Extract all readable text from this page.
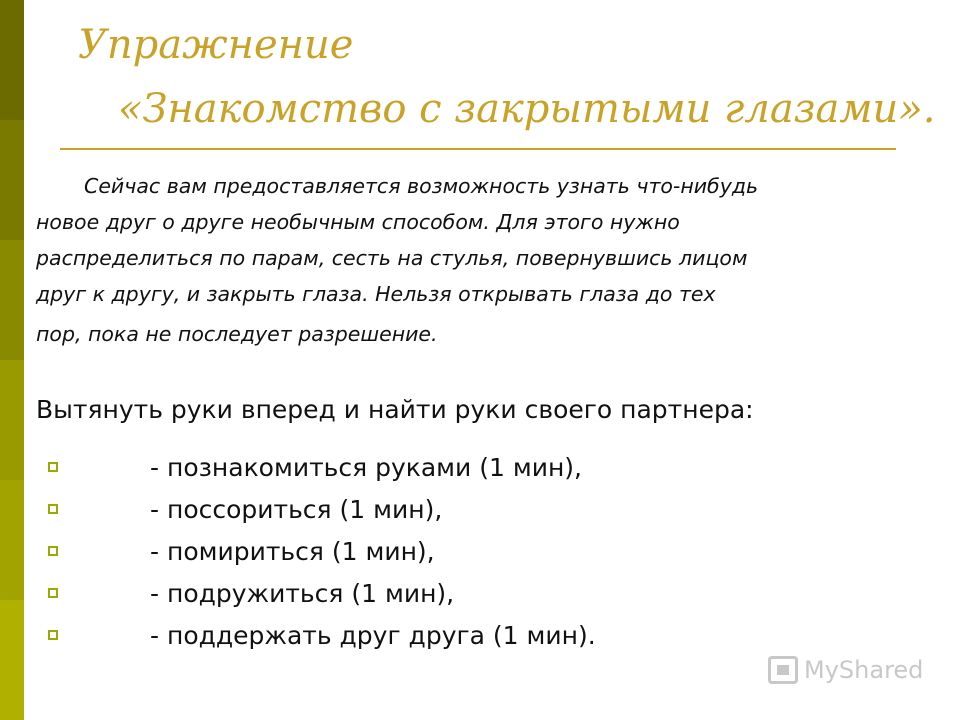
Упражнение
«Знакомство с закрытыми глазами».
Сейчас вам предоставляется возможность узнать что-нибудь
новое друг о друге необычным способом. Для этого нужно
распределиться по парам, сесть на стулья, повернувшись лицом
друг к другу, и закрыть глаза. Нельзя открывать глаза до тех
пор, пока не последует разрешение.
Вытянуть руки вперед и найти руки своего партнера:
- познакомиться руками (1 мин),
- поссориться (1 мин),
- помириться (1 мин),
- подружиться (1 мин),
- поддержать друг друга (1 мин).
MyShared
